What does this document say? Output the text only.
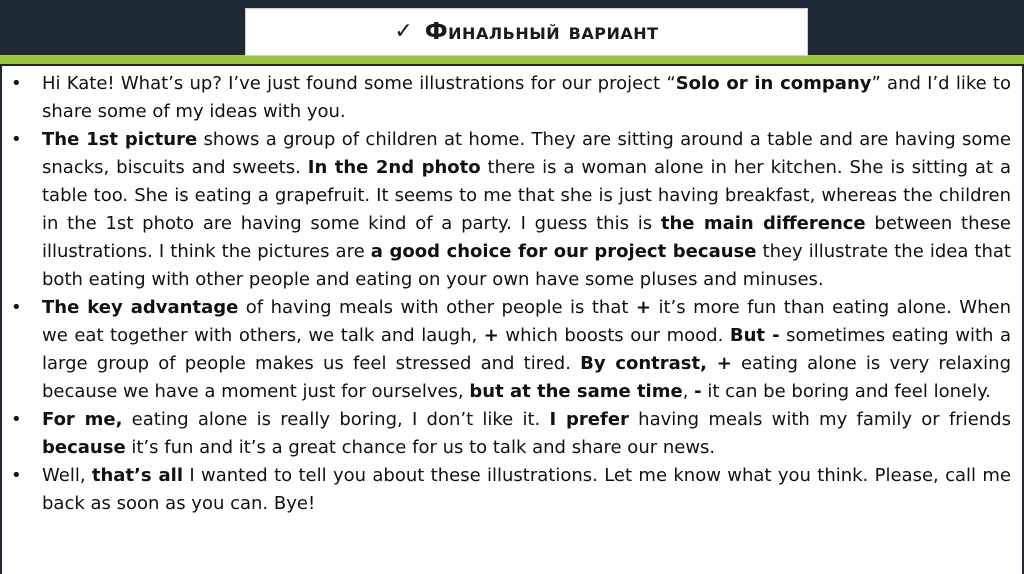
✓ Финальный вариант
• Hi Kate! What’s up? I’ve just found some illustrations for our project “Solo or in company” and I’d like to share some of my ideas with you.
• The 1st picture shows a group of children at home. They are sitting around a table and are having some snacks, biscuits and sweets. In the 2nd photo there is a woman alone in her kitchen. She is sitting at a table too. She is eating a grapefruit. It seems to me that she is just having breakfast, whereas the children in the 1st photo are having some kind of a party. I guess this is the main difference between these illustrations. I think the pictures are a good choice for our project because they illustrate the idea that both eating with other people and eating on your own have some pluses and minuses.
• The key advantage of having meals with other people is that + it’s more fun than eating alone. When we eat together with others, we talk and laugh, + which boosts our mood. But - sometimes eating with a large group of people makes us feel stressed and tired. By contrast, + eating alone is very relaxing because we have a moment just for ourselves, but at the same time, - it can be boring and feel lonely.
• For me, eating alone is really boring, I don’t like it. I prefer having meals with my family or friends because it’s fun and it’s a great chance for us to talk and share our news.
• Well, that’s all I wanted to tell you about these illustrations. Let me know what you think. Please, call me back as soon as you can. Bye!
